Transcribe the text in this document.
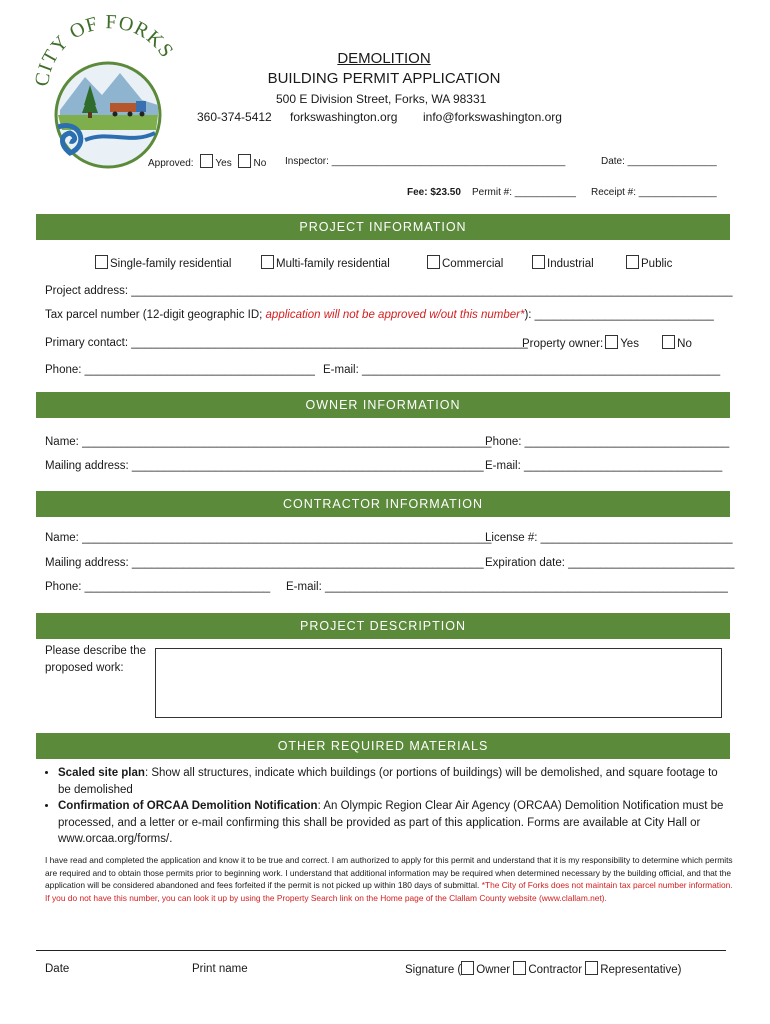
CITY OF FORKS	DEMOLITION
BUILDING PERMIT APPLICATION
500 E Division Street, Forks, WA 98331
360-374-5412 forkswashington.org info@forkswashington.org
Approved: Yes No Inspector: __________________________________________	Date: ________________
Fee: $23.50 Permit #: ___________ Receipt #: ______________
PROJECT INFORMATION
Single-family residential	Multi-family residential	Commercial	Industrial	Public
Project address: ______________________________________________________________________________________________
Tax parcel number (12-digit geographic ID; application will not be approved w/out this number*): ____________________________
Primary contact: ______________________________________________________________
Property owner: Yes	No
Phone: ____________________________________ E-mail: ________________________________________________________
OWNER INFORMATION
Name: ________________________________________________________________
Phone: ________________________________
Mailing address: _______________________________________________________ E-mail: _______________________________
CONTRACTOR INFORMATION
Name: ________________________________________________________________
License #: ______________________________
Mailing address: _______________________________________________________ Expiration date: __________________________
Phone: _____________________________ E-mail: _______________________________________________________________
PROJECT DESCRIPTION
Please describe the
proposed work:
OTHER REQUIRED MATERIALS
• Scaled site plan: Show all structures, indicate which buildings (or portions of buildings) will be demolished, and square footage to be demolished
• Confirmation of ORCAA Demolition Notification: An Olympic Region Clear Air Agency (ORCAA) Demolition Notification must be processed, and a letter or e-mail confirming this shall be provided as part of this application. Forms are available at City Hall or www.orcaa.org/forms/.
I have read and completed the application and know it to be true and correct. I am authorized to apply for this permit and understand that it is my responsibility to determine which permits are required and to obtain those permits prior to beginning work. I understand that additional information may be required when determined necessary by the building official, and that the application will be considered abandoned and fees forfeited if the permit is not picked up within 180 days of submittal. *The City of Forks does not maintain tax parcel number information. If you do not have this number, you can look it up by using the Property Search link on the Home page of the Clallam County website (www.clallam.net).
Date	Print name	Signature ( Owner Contractor Representative)
